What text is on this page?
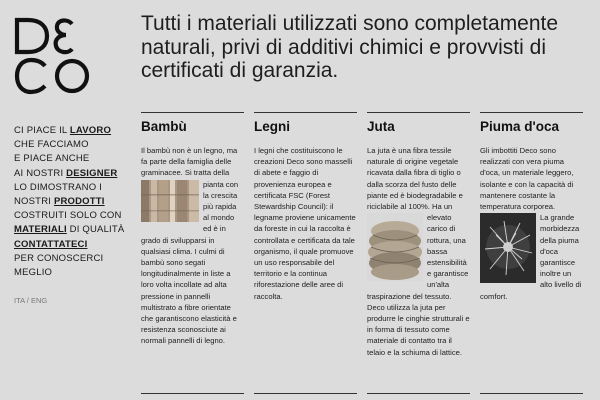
CI PIACE IL LAVORO
CHE FACCIAMO
E PIACE ANCHE
AI NOSTRI DESIGNER
LO DIMOSTRANO I
NOSTRI PRODOTTI
COSTRUITI SOLO CON
MATERIALI DI QUALITÀ
CONTATTATECI
PER CONOSCERCI
MEGLIO
ITA / ENG
Tutti i materiali utilizzati sono completamente naturali, privi di additivi chimici e provvisti di certificati di garanzia.
Bambù

Il bambù non è un legno, ma fa parte della famiglia delle graminacee. Si tratta della

pianta con la crescita più rapida al mondo ed è in grado di svilupparsi in qualsiasi clima. I culmi di bambù sono segati longitudinalmente in liste a loro volta incollate ad alta pressione in pannelli multistrato a fibre orientate che garantiscono elasticità e resistenza sconosciute ai normali pannelli di legno.
Legni

I legni che costituiscono le creazioni Deco sono masselli di abete e faggio di provenienza europea e certificata FSC (Forest Stewardship Council): il legname proviene unicamente da foreste in cui la raccolta è controllata e certificata da tale organismo, il quale promuove un uso responsabile del territorio e la continua riforestazione delle aree di raccolta.

Juta

La juta è una fibra tessile naturale di origine vegetale ricavata dalla fibra di tiglio o dalla scorza del fusto delle piante ed è biodegradabile e riciclabile al 100%. Ha un

elevato carico di rottura, una bassa estensibilità e garantisce un'alta traspirazione del tessuto. Deco utilizza la juta per produrre le cinghie strutturali e in forma di tessuto come materiale di contatto tra il telaio e la schiuma di lattice.
Piuma d'oca

Gli imbottiti Deco sono realizzati con vera piuma d'oca, un materiale leggero, isolante e con la capacità di mantenere costante la temperatura corporea.

La grande morbidezza della piuma d'oca garantisce inoltre un alto livello di comfort.
